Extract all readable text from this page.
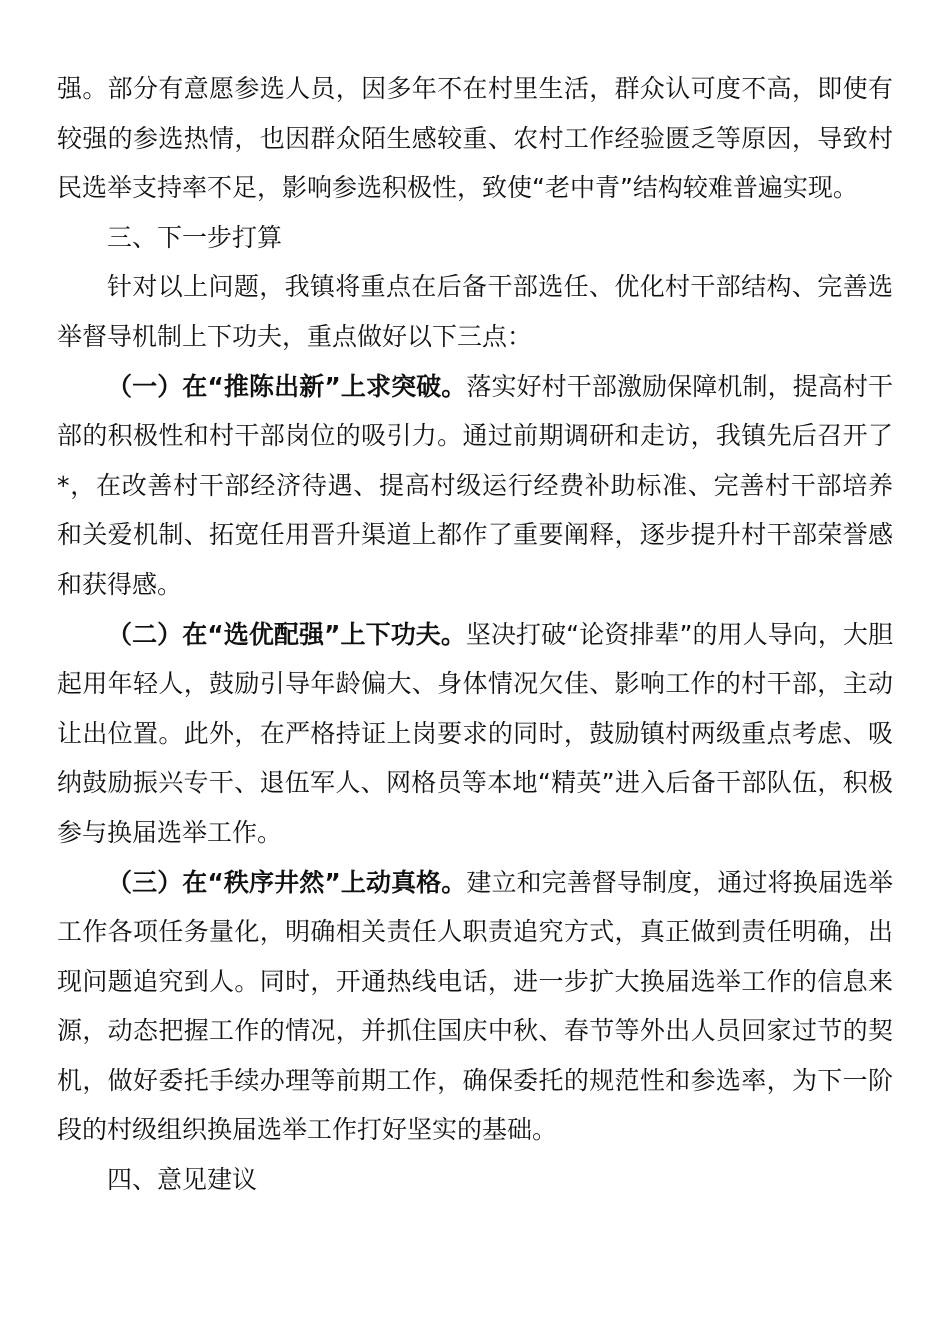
强。部分有意愿参选人员，因多年不在村里生活，群众认可度不高，即使有较强的参选热情，也因群众陌生感较重、农村工作经验匮乏等原因，导致村民选举支持率不足，影响参选积极性，致使“老中青”结构较难普遍实现。

三、下一步打算

针对以上问题，我镇将重点在后备干部选任、优化村干部结构、完善选举督导机制上下功夫，重点做好以下三点：

（一）在“推陈出新”上求突破。落实好村干部激励保障机制，提高村干部的积极性和村干部岗位的吸引力。通过前期调研和走访，我镇先后召开了*，在改善村干部经济待遇、提高村级运行经费补助标准、完善村干部培养和关爱机制、拓宽任用晋升渠道上都作了重要阐释，逐步提升村干部荣誉感和获得感。

（二）在“选优配强”上下功夫。坚决打破“论资排辈”的用人导向，大胆起用年轻人，鼓励引导年龄偏大、身体情况欠佳、影响工作的村干部，主动让出位置。此外，在严格持证上岗要求的同时，鼓励镇村两级重点考虑、吸纳鼓励振兴专干、退伍军人、网格员等本地“精英”进入后备干部队伍，积极参与换届选举工作。

（三）在“秩序井然”上动真格。建立和完善督导制度，通过将换届选举工作各项任务量化，明确相关责任人职责追究方式，真正做到责任明确，出现问题追究到人。同时，开通热线电话，进一步扩大换届选举工作的信息来源，动态把握工作的情况，并抓住国庆中秋、春节等外出人员回家过节的契机，做好委托手续办理等前期工作，确保委托的规范性和参选率，为下一阶段的村级组织换届选举工作打好坚实的基础。

四、意见建议
